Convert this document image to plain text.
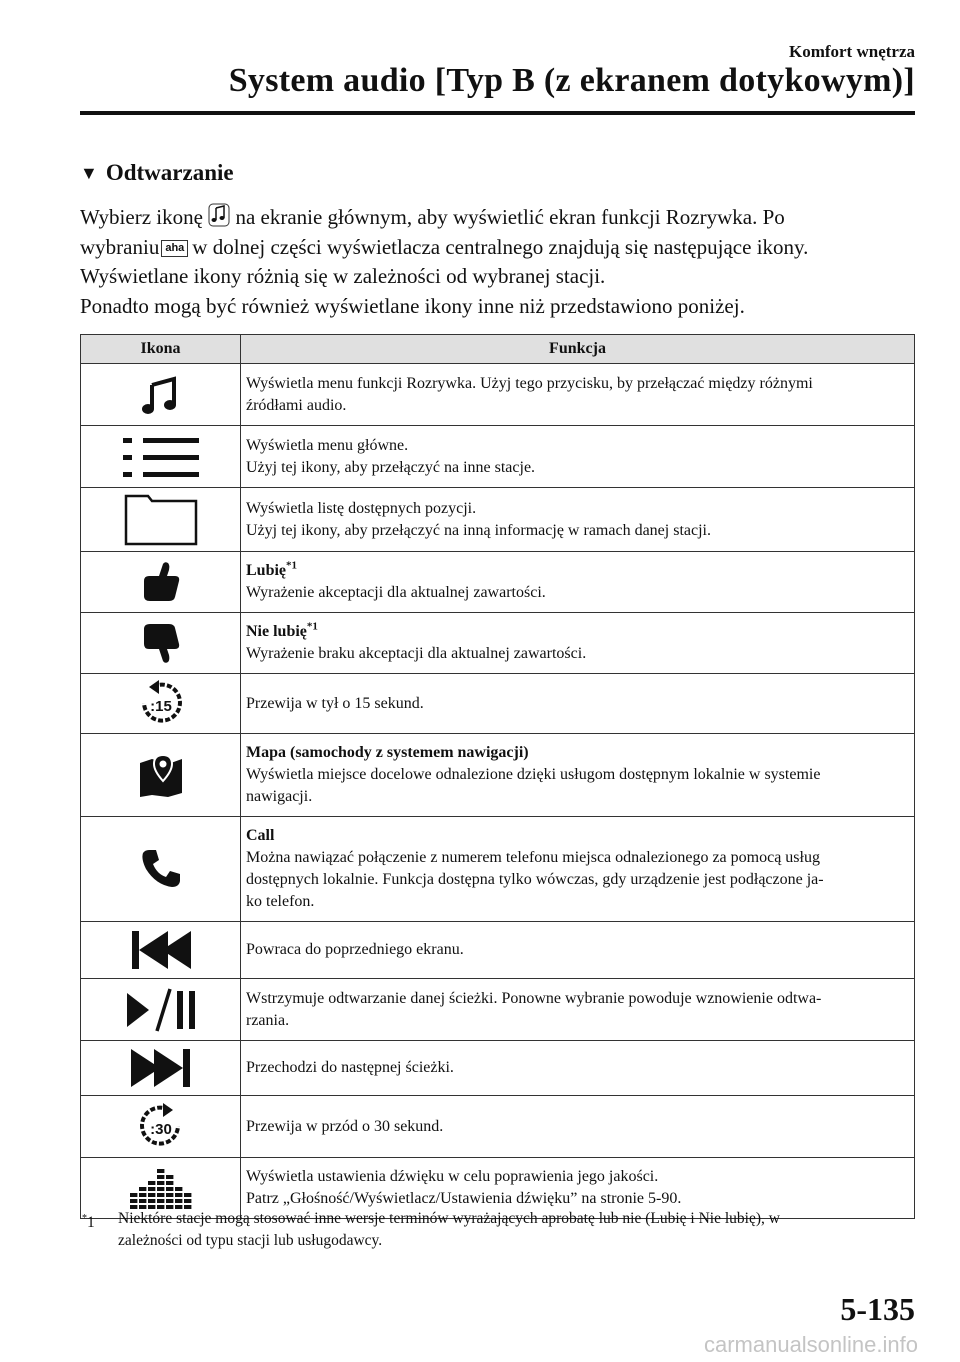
Komfort wnętrza
System audio [Typ B (z ekranem dotykowym)]
▼ Odtwarzanie
Wybierz ikonę na ekranie głównym, aby wyświetlić ekran funkcji Rozrywka. Po
wybraniu aha w dolnej części wyświetlacza centralnego znajdują się następujące ikony.
Wyświetlane ikony różnią się w zależności od wybranej stacji.
Ponadto mogą być również wyświetlane ikony inne niż przedstawiono poniżej.
Ikona	Funkcja

Wyświetla menu funkcji Rozrywka. Użyj tego przycisku, by przełączać między różnymi
źródłami audio.

Wyświetla menu główne.
Użyj tej ikony, aby przełączyć na inne stacje.

Wyświetla listę dostępnych pozycji.
Użyj tej ikony, aby przełączyć na inną informację w ramach danej stacji.

Lubię$^{*1}$
Wyrażenie akceptacji dla aktualnej zawartości.

Nie lubię$^{*1}$
Wyrażenie braku akceptacji dla aktualnej zawartości.

:15	Przewija w tył o 15 sekund.

Mapa (samochody z systemem nawigacji)
Wyświetla miejsce docelowe odnalezione dzięki usługom dostępnym lokalnie w systemie
nawigacji.

Call
Można nawiązać połączenie z numerem telefonu miejsca odnalezionego za pomocą usług
dostępnych lokalnie. Funkcja dostępna tylko wówczas, gdy urządzenie jest podłączone ja-
ko telefon.

Powraca do poprzedniego ekranu.

Wstrzymuje odtwarzanie danej ścieżki. Ponowne wybranie powoduje wznowienie odtwa-
rzania.

Przechodzi do następnej ścieżki.

:30	Przewija w przód o 30 sekund.

Wyświetla ustawienia dźwięku w celu poprawienia jego jakości.
Patrz „Głośność/Wyświetlacz/Ustawienia dźwięku” na stronie 5-90.
*1 Niektóre stacje mogą stosować inne wersje terminów wyrażających aprobatę lub nie (Lubię i Nie lubię), w
zależności od typu stacji lub usługodawcy.
5-135
carmanualsonline.info
